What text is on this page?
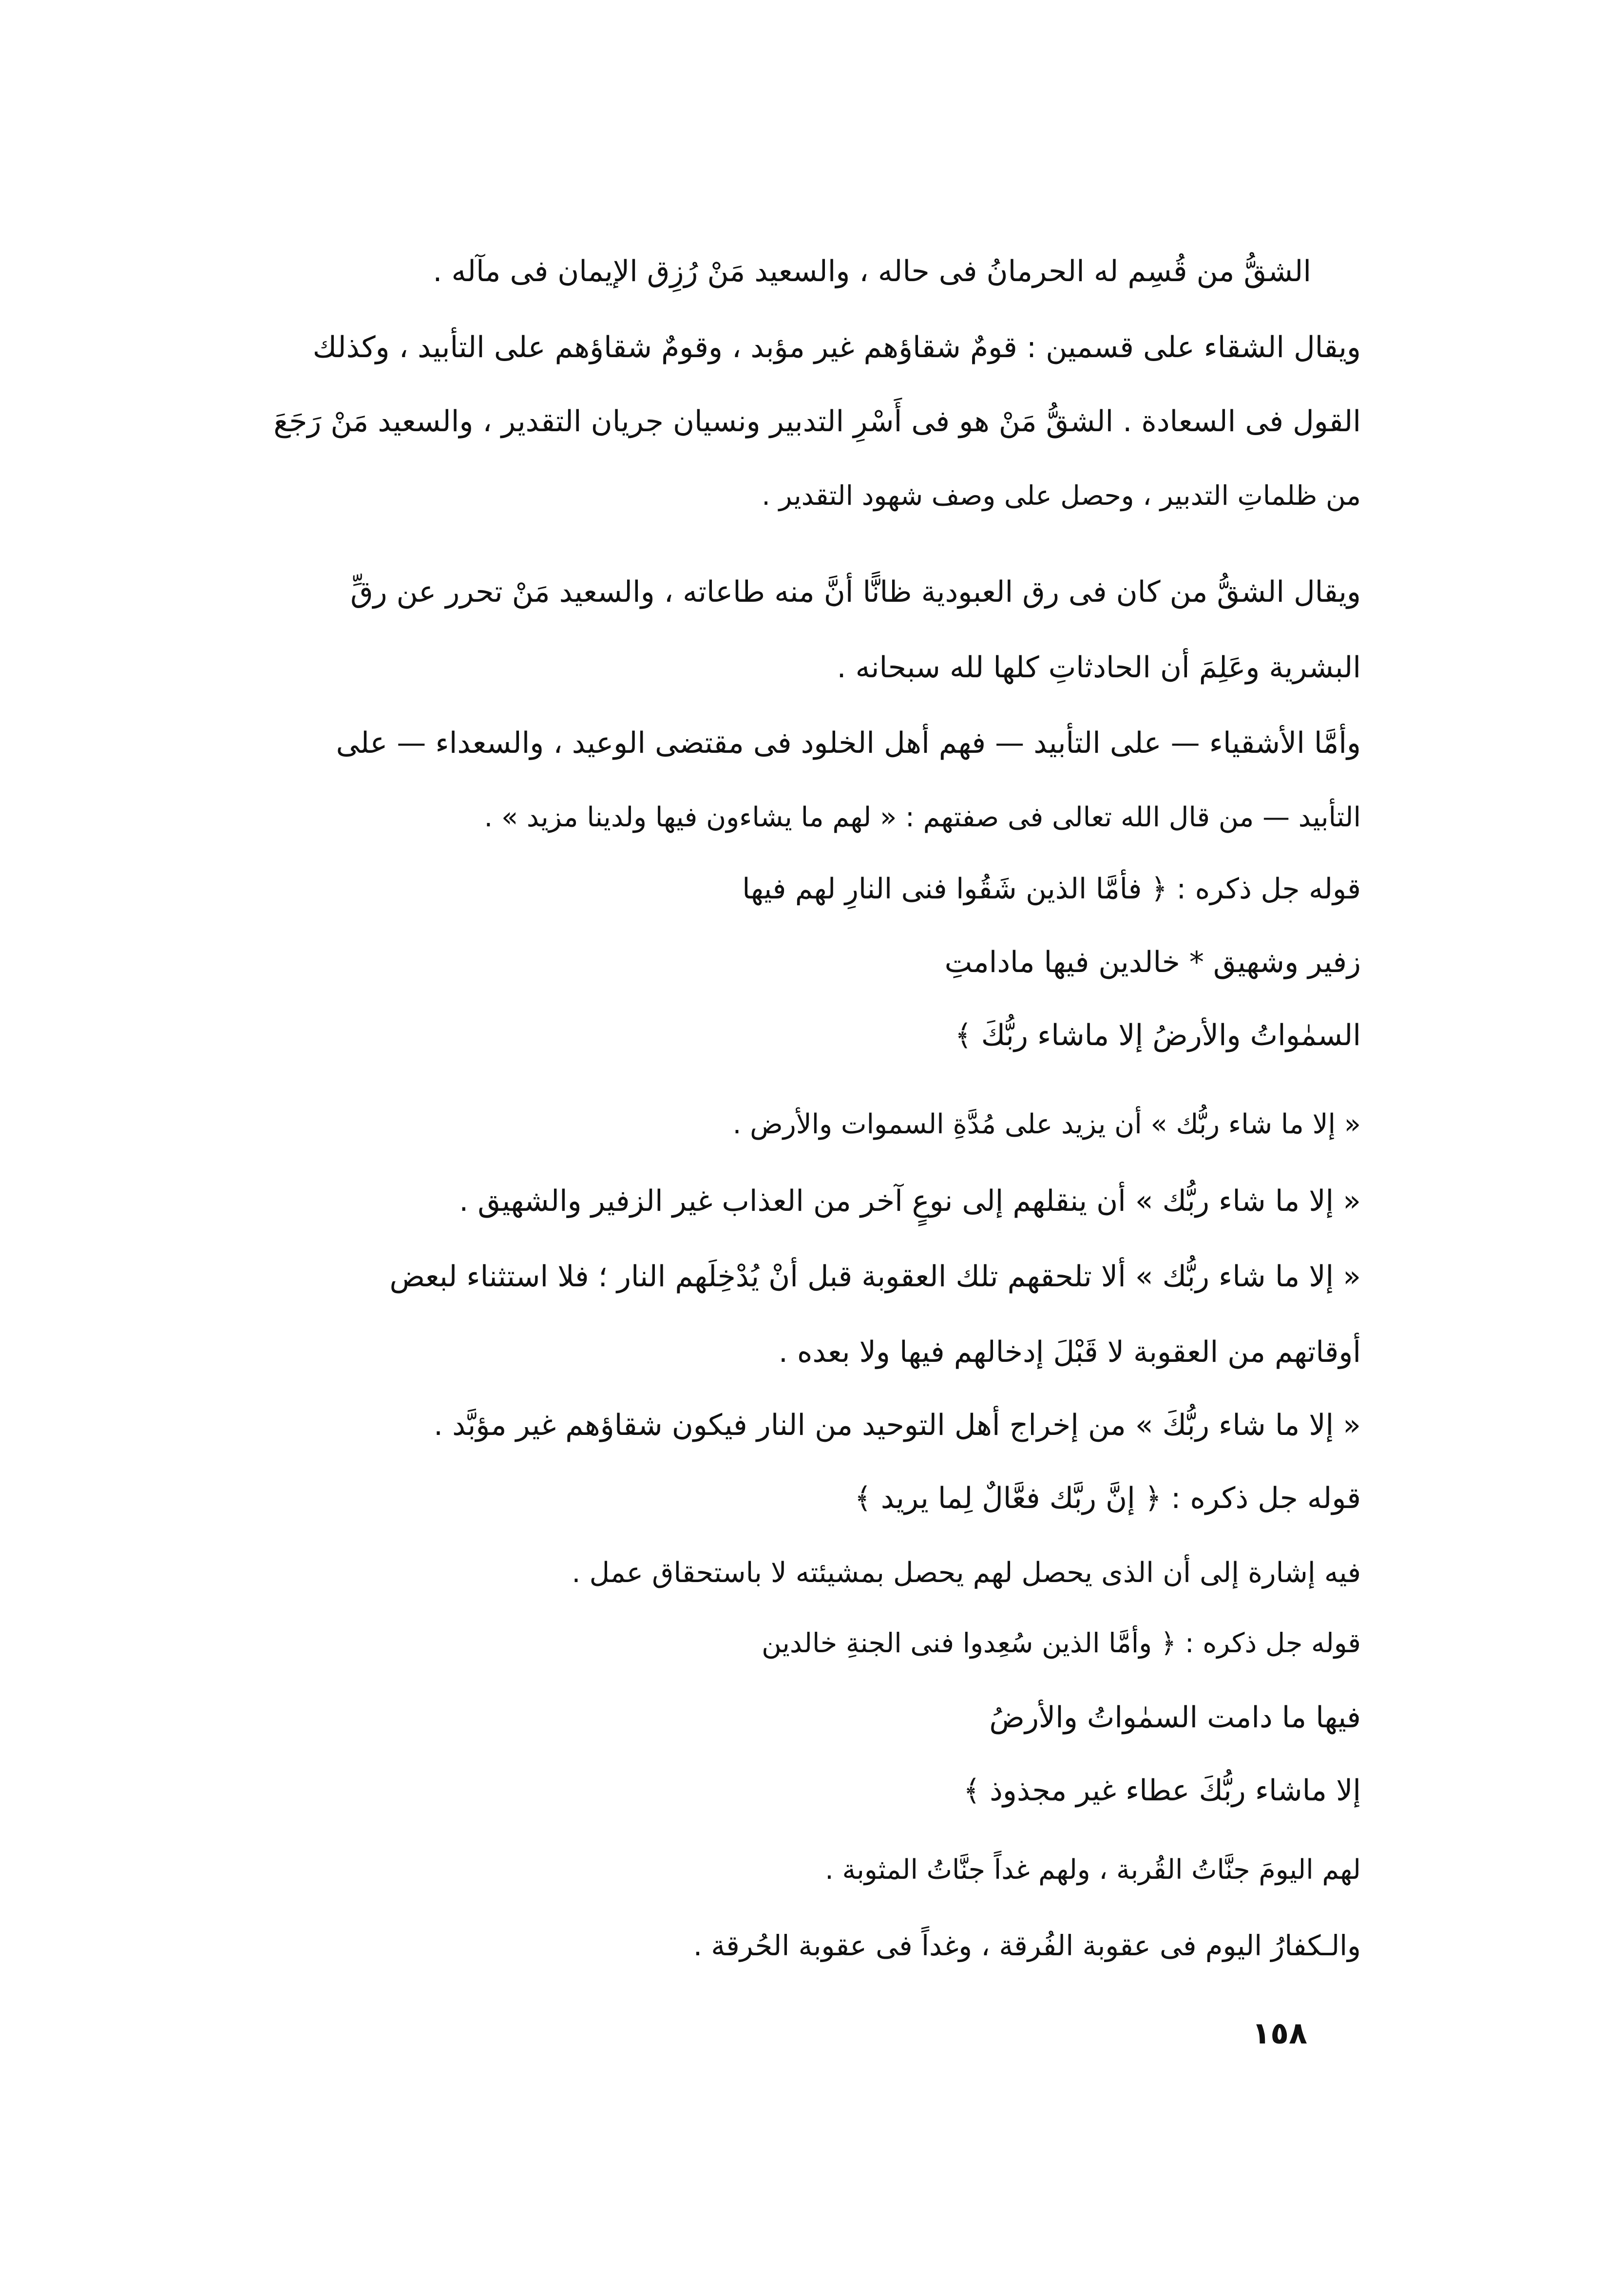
الشقُّ من قُسِم له الحرمانُ فى حاله ، والسعيد مَنْ رُزِق الإيمان فى مآله .
ويقال الشقاء على قسمين : قومٌ شقاؤهم غير مؤبد ، وقومٌ شقاؤهم على التأبيد ، وكذلك
القول فى السعادة . الشقُّ مَنْ هو فى أَسْرِ التدبير ونسيان جريان التقدير ، والسعيد مَنْ رَجَعَ
من ظلماتِ التدبير ، وحصل على وصف شهود التقدير .
ويقال الشقُّ من كان فى رق العبودية ظانًّا أنَّ منه طاعاته ، والسعيد مَنْ تحرر عن رقِّ
البشرية وعَلِمَ أن الحادثاتِ كلها لله سبحانه .
وأمَّا الأشقياء — على التأبيد — فهم أهل الخلود فى مقتضى الوعيد ، والسعداء — على
التأبيد — من قال الله تعالى فى صفتهم : « لهم ما يشاءون فيها ولدينا مزيد » .
قوله جل ذكره : ﴿ فأمَّا الذين شَقُوا فنى النارِ لهم فيها
زفير وشهيق * خالدين فيها مادامتِ
السمٰواتُ والأرضُ إلا ماشاء ربُّكَ ﴾
« إلا ما شاء ربُّك » أن يزيد على مُدَّةِ السموات والأرض .
« إلا ما شاء ربُّك » أن ينقلهم إلى نوعٍ آخر من العذاب غير الزفير والشهيق .
« إلا ما شاء ربُّك » ألا تلحقهم تلك العقوبة قبل أنْ يُدْخِلَهم النار ؛ فلا استثناء لبعض
أوقاتهم من العقوبة لا قَبْلَ إدخالهم فيها ولا بعده .
« إلا ما شاء ربُّكَ » من إخراج أهل التوحيد من النار فيكون شقاؤهم غير مؤبَّد .
قوله جل ذكره : ﴿ إنَّ ربَّك فعَّالٌ لِما يريد ﴾
فيه إشارة إلى أن الذى يحصل لهم يحصل بمشيئته لا باستحقاق عمل .
قوله جل ذكره : ﴿ وأمَّا الذين سُعِدوا فنى الجنةِ خالدين
فيها ما دامت السمٰواتُ والأرضُ
إلا ماشاء ربُّكَ عطاء غير مجذوذ ﴾
لهم اليومَ جنَّاتُ القُربة ، ولهم غداً جنَّاتُ المثوبة .
والـكفارُ اليوم فى عقوبة الفُرقة ، وغداً فى عقوبة الحُرقة .
١٥٨
